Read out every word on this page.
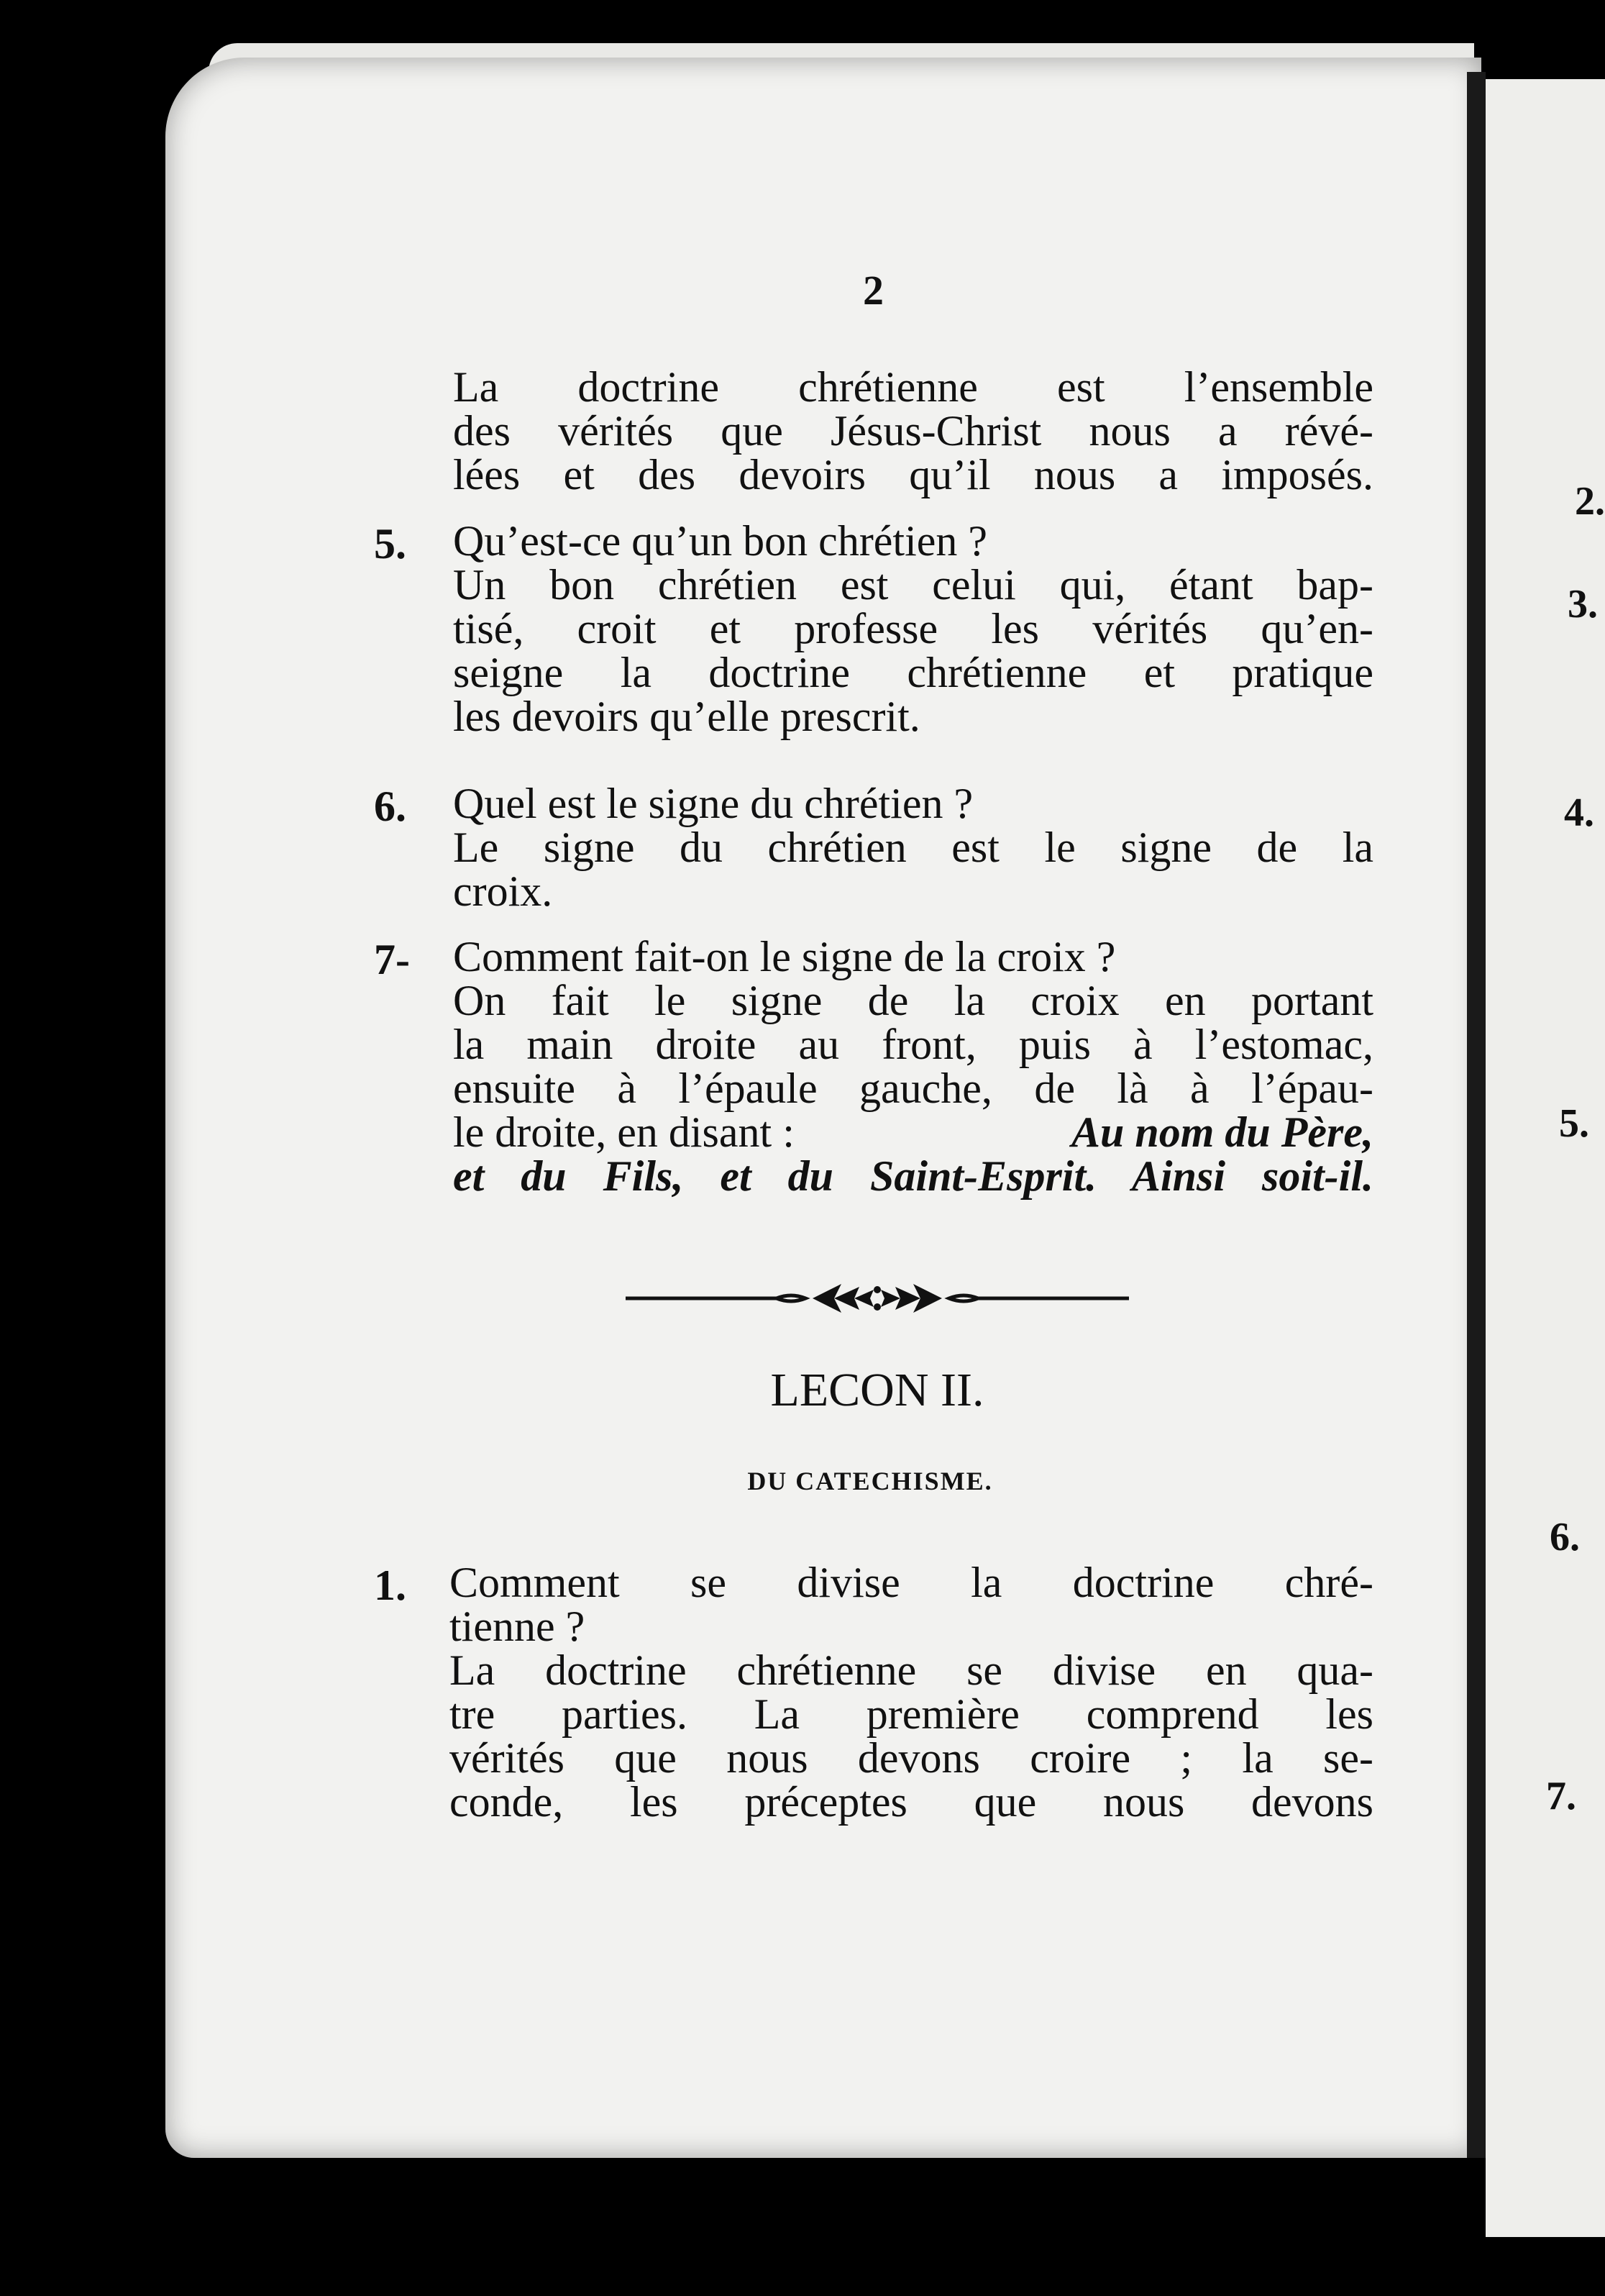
2
La doctrine chrétienne est l’ensemble
des vérités que Jésus-Christ nous a révé-
lées et des devoirs qu’il nous a imposés.
5. Qu’est-ce qu’un bon chrétien ?
Un bon chrétien est celui qui, étant bap-
tisé, croit et professe les vérités qu’en-
seigne la doctrine chrétienne et pratique
les devoirs qu’elle prescrit.
6. Quel est le signe du chrétien ?
Le signe du chrétien est le signe de la
croix.
7- Comment fait-on le signe de la croix ?
On fait le signe de la croix en portant
la main droite au front, puis à l’estomac,
ensuite à l’épaule gauche, de là à l’épau-
le droite, en disant :	Au nom du Père,
et du Fils, et du Saint-Esprit. Ainsi soit-il.
LECON II.
DU CATECHISME.
1. Comment se divise la doctrine chré-
tienne ?
La doctrine chrétienne se divise en qua-
tre parties. La première comprend les
vérités que nous devons croire ; la se-
conde, les préceptes que nous devons
2.
3.
4.
5.
6.
7.
